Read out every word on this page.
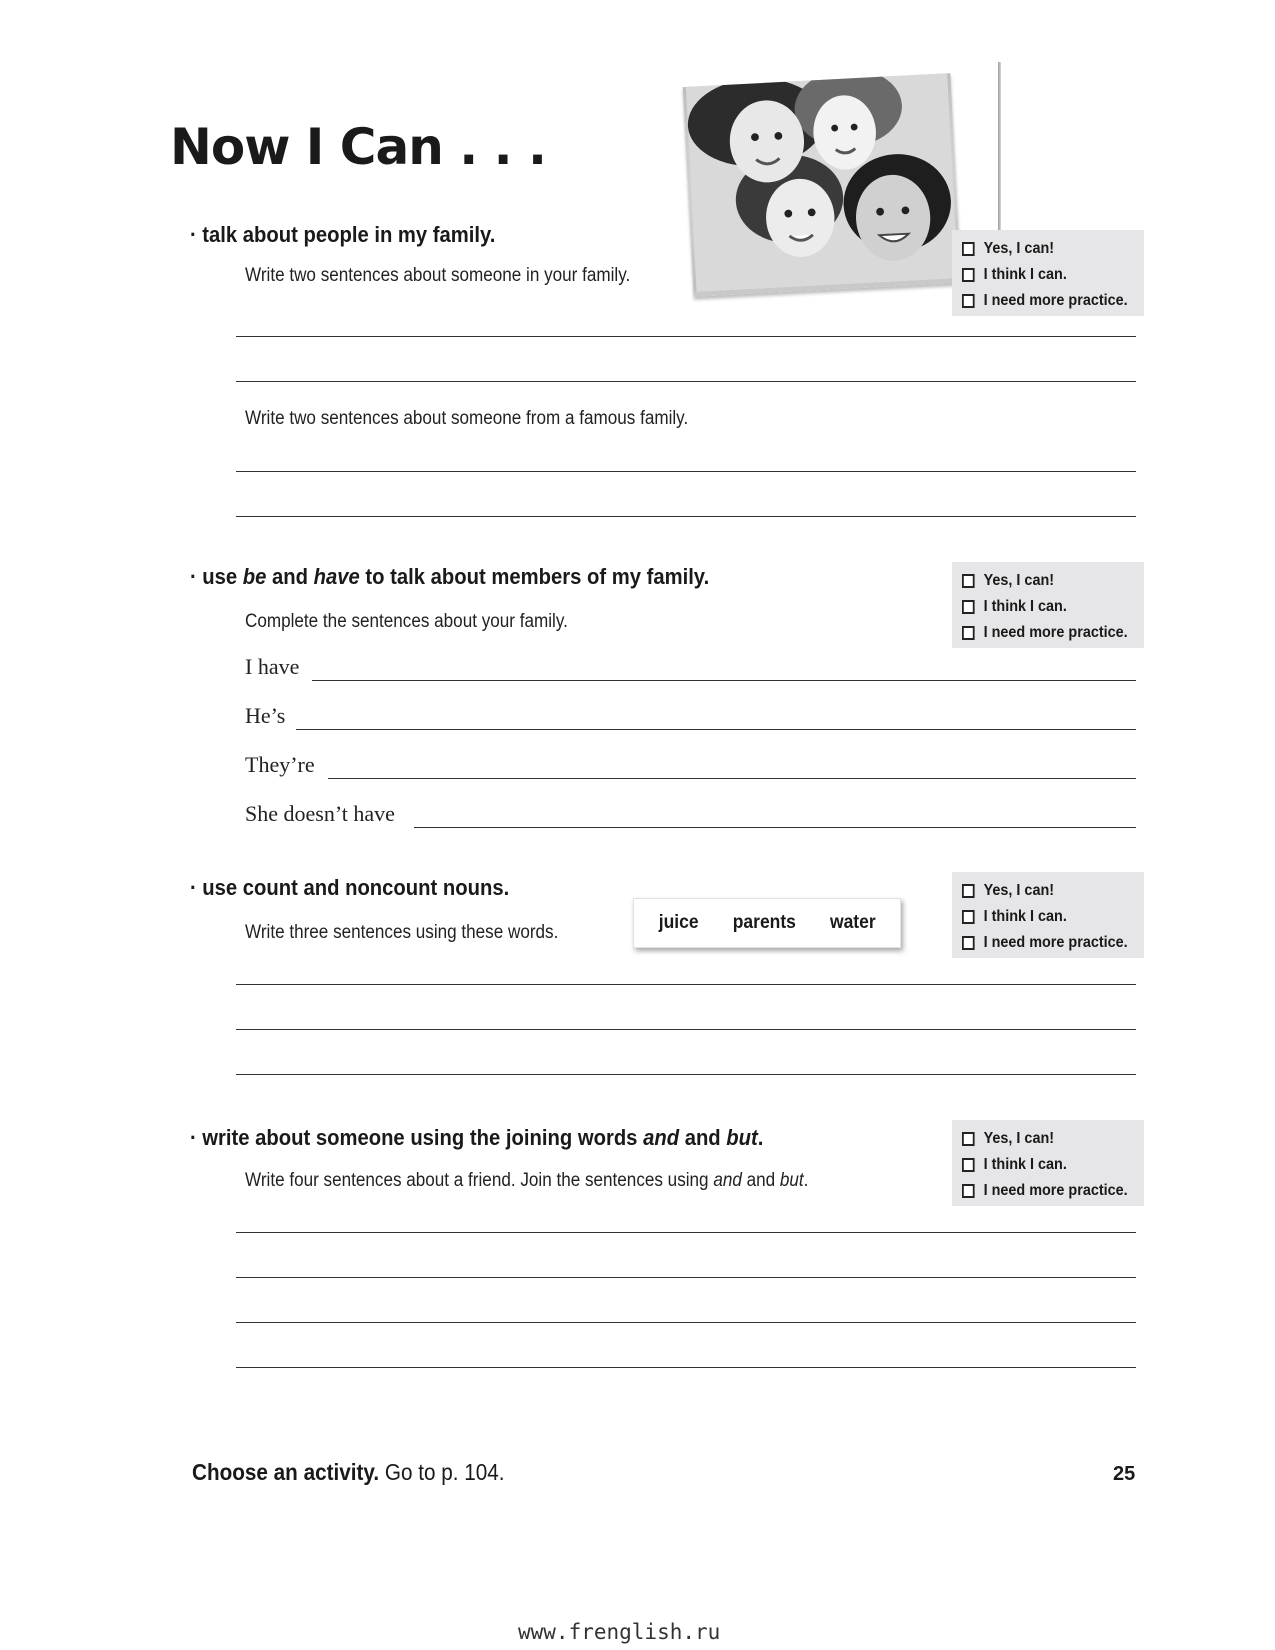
Now I Can . . .
· talk about people in my family.
Write two sentences about someone in your family.
Yes, I can!
I think I can.
I need more practice.
Write two sentences about someone from a famous family.
· use be and have to talk about members of my family.
Complete the sentences about your family.
Yes, I can!
I think I can.
I need more practice.
I have
He’s
They’re
She doesn’t have
· use count and noncount nouns.
Write three sentences using these words.	juice parents water
Yes, I can!
I think I can.
I need more practice.
· write about someone using the joining words and and but.
Write four sentences about a friend. Join the sentences using and and but.
Yes, I can!
I think I can.
I need more practice.
Choose an activity. Go to p. 104.	25
www.frenglish.ru
